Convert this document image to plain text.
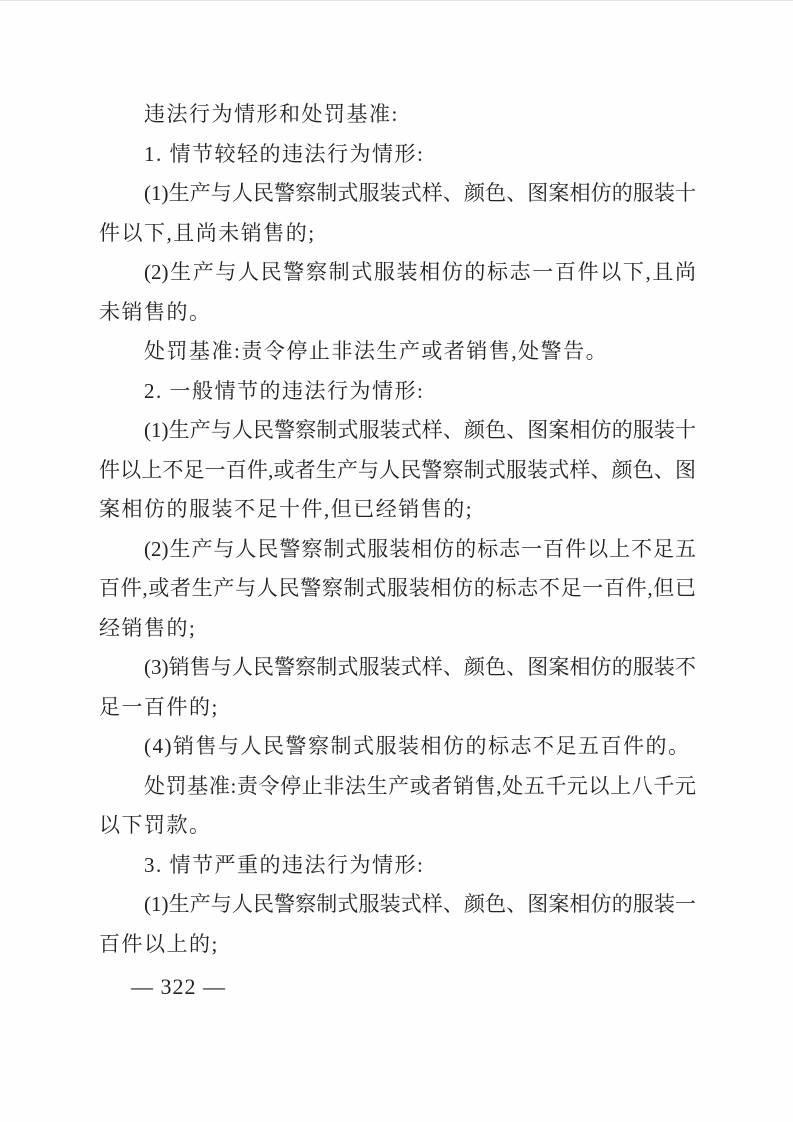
违法行为情形和处罚基准:

1. 情节较轻的违法行为情形:

(1)生产与人民警察制式服装式样、颜色、图案相仿的服装十
件以下,且尚未销售的;

(2)生产与人民警察制式服装相仿的标志一百件以下,且尚
未销售的。

处罚基准:责令停止非法生产或者销售,处警告。

2. 一般情节的违法行为情形:

(1)生产与人民警察制式服装式样、颜色、图案相仿的服装十
件以上不足一百件,或者生产与人民警察制式服装式样、颜色、图
案相仿的服装不足十件,但已经销售的;

(2)生产与人民警察制式服装相仿的标志一百件以上不足五
百件,或者生产与人民警察制式服装相仿的标志不足一百件,但已
经销售的;

(3)销售与人民警察制式服装式样、颜色、图案相仿的服装不
足一百件的;

(4)销售与人民警察制式服装相仿的标志不足五百件的。

处罚基准:责令停止非法生产或者销售,处五千元以上八千元
以下罚款。

3. 情节严重的违法行为情形:

(1)生产与人民警察制式服装式样、颜色、图案相仿的服装一
百件以上的;

— 322 —
